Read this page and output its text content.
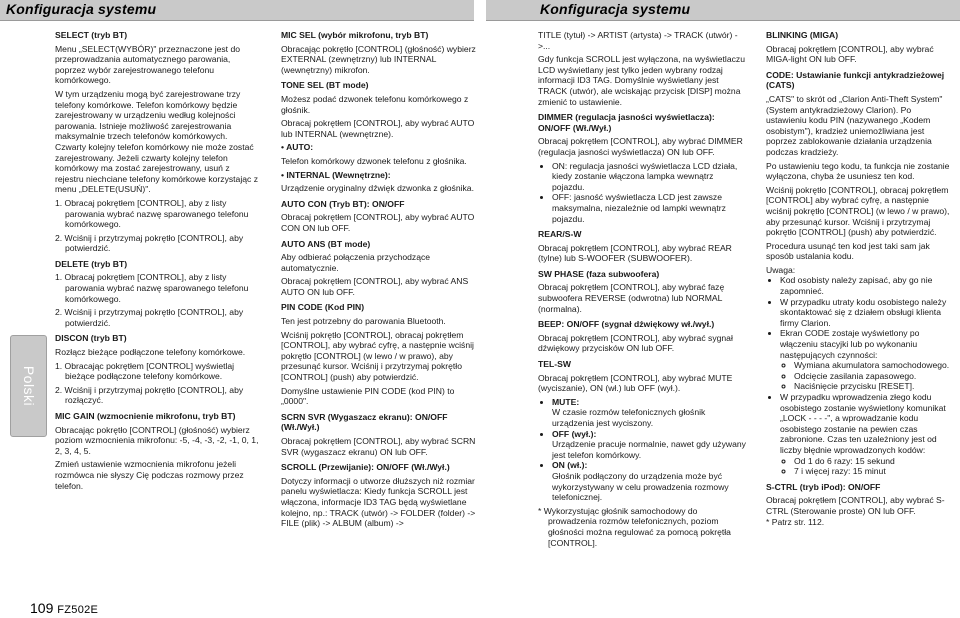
Konfiguracja systemu	Konfiguracja systemu
Polski
109 FZ502E

SELECT (tryb BT)

Menu „SELECT(WYBÓR)" przeznaczone jest do przeprowadzania automatycznego parowania, poprzez wybór zarejestrowanego telefonu komórkowego.

W tym urządzeniu mogą być zarejestrowane trzy telefony komórkowe. Telefon komórkowy będzie zarejestrowany w urządzeniu według kolejności parowania. Istnieje możliwość zarejestrowania maksymalnie trzech telefonów komórkowych. Czwarty kolejny telefon komórkowy nie może zostać zarejestrowany. Jeżeli czwarty kolejny telefon komórkowy ma zostać zarejestrowany, usuń z rejestru niechciane telefony komórkowe korzystając z menu „DELETE(USUŃ)".

1. Obracaj pokrętłem [CONTROL], aby z listy parowania wybrać nazwę sparowanego telefonu komórkowego.

2. Wciśnij i przytrzymaj pokrętło [CONTROL], aby potwierdzić.

DELETE (tryb BT)

1. Obracaj pokrętłem [CONTROL], aby z listy parowania wybrać nazwę sparowanego telefonu komórkowego.

2. Wciśnij i przytrzymaj pokrętło [CONTROL], aby potwierdzić.

DISCON (tryb BT)

Rozłącz bieżące podłączone telefony komórkowe.

1. Obracając pokrętłem [CONTROL] wyświetlaj bieżące podłączone telefony komórkowe.

2. Wciśnij i przytrzymaj pokrętło [CONTROL], aby rozłączyć.

MIC GAIN (wzmocnienie mikrofonu, tryb BT)

Obracając pokrętło [CONTROL] (głośność) wybierz poziom wzmocnienia mikrofonu: -5, -4, -3, -2, -1, 0, 1, 2, 3, 4, 5.

Zmień ustawienie wzmocnienia mikrofonu jeżeli rozmówca nie słyszy Cię podczas rozmowy przez telefon.

MIC SEL (wybór mikrofonu, tryb BT)

Obracając pokrętło [CONTROL] (głośność) wybierz EXTERNAL (zewnętrzny) lub INTERNAL (wewnętrzny) mikrofon.

TONE SEL (BT mode)

Możesz podać dzwonek telefonu komórkowego z głośnik.

Obracaj pokrętłem [CONTROL], aby wybrać AUTO lub INTERNAL (wewnętrzne).

• AUTO:

Telefon komórkowy dzwonek telefonu z głośnika.

• INTERNAL (Wewnętrzne):

Urządzenie oryginalny dźwięk dzwonka z głośnika.

AUTO CON (Tryb BT): ON/OFF

Obracaj pokrętłem [CONTROL], aby wybrać AUTO CON ON lub OFF.

AUTO ANS (BT mode)

Aby odbierać połączenia przychodzące automatycznie.

Obracaj pokrętłem [CONTROL], aby wybrać ANS AUTO ON lub OFF.

PIN CODE (Kod PIN)

Ten jest potrzebny do parowania Bluetooth.

Wciśnij pokrętło [CONTROL], obracaj pokrętłem [CONTROL], aby wybrać cyfrę, a następnie wciśnij pokrętło [CONTROL] (w lewo / w prawo), aby przesunąć kursor. Wciśnij i przytrzymaj pokrętło [CONTROL] (push) aby potwierdzić.

Domyślne ustawienie PIN CODE (kod PIN) to „0000".

SCRN SVR (Wygaszacz ekranu): ON/OFF (Wł./Wył.)

Obracaj pokrętłem [CONTROL], aby wybrać SCRN SVR (wygaszacz ekranu) ON lub OFF.

SCROLL (Przewijanie): ON/OFF (Wł./Wył.)

Dotyczy informacji o utworze dłuższych niż rozmiar panelu wyświetlacza: Kiedy funkcja SCROLL jest włączona, informacje ID3 TAG będą wyświetlane kolejno, np.: TRACK (utwór) -> FOLDER (folder) -> FILE (plik) -> ALBUM (album) ->

TITLE (tytuł) -> ARTIST (artysta) -> TRACK (utwór) ->...

Gdy funkcja SCROLL jest wyłączona, na wyświetlaczu LCD wyświetlany jest tylko jeden wybrany rodzaj informacji ID3 TAG. Domyślnie wyświetlany jest TRACK (utwór), ale wciskając przycisk [DISP] można zmienić to ustawienie.

DIMMER (regulacja jasności wyświetlacza): ON/OFF (Wł./Wył.)

Obracaj pokrętłem [CONTROL], aby wybrać DIMMER (regulacja jasności wyświetlacza) ON lub OFF.

• ON: regulacja jasności wyświetlacza LCD działa, kiedy zostanie włączona lampka wewnątrz pojazdu.
• OFF: jasność wyświetlacza LCD jest zawsze maksymalna, niezależnie od lampki wewnątrz pojazdu.

REAR/S-W

Obracaj pokrętłem [CONTROL], aby wybrać REAR (tylne) lub S-WOOFER (SUBWOOFER).

SW PHASE (faza subwoofera)

Obracaj pokrętłem [CONTROL], aby wybrać fazę subwoofera REVERSE (odwrotna) lub NORMAL (normalna).

BEEP: ON/OFF (sygnał dźwiękowy wł./wył.)

Obracaj pokrętłem [CONTROL], aby wybrać sygnał dźwiękowy przycisków ON lub OFF.

TEL-SW

Obracaj pokrętłem [CONTROL], aby wybrać MUTE (wyciszanie), ON (wł.) lub OFF (wył.).

• MUTE:
W czasie rozmów telefonicznych głośnik urządzenia jest wyciszony.
• OFF (wył.):
Urządzenie pracuje normalnie, nawet gdy używany jest telefon komórkowy.
• ON (wł.):
Głośnik podłączony do urządzenia może być wykorzystywany w celu prowadzenia rozmowy telefonicznej.

* Wykorzystując głośnik samochodowy do prowadzenia rozmów telefonicznych, poziom głośności można regulować za pomocą pokrętła [CONTROL].

BLINKING (MIGA)

Obracaj pokrętłem [CONTROL], aby wybrać MIGA-light ON lub OFF.

CODE: Ustawianie funkcji antykradzieżowej (CATS)

„CATS" to skrót od „Clarion Anti-Theft System" (System antykradzieżowy Clarion). Po ustawieniu kodu PIN (nazywanego „Kodem osobistym"), kradzież uniemożliwiana jest poprzez zablokowanie działania urządzenia podczas kradzieży.

Po ustawieniu tego kodu, ta funkcja nie zostanie wyłączona, chyba że usuniesz ten kod.

Wciśnij pokrętło [CONTROL], obracaj pokrętłem [CONTROL] aby wybrać cyfrę, a następnie wciśnij pokrętło [CONTROL] (w lewo / w prawo), aby przesunąć kursor. Wciśnij i przytrzymaj pokrętło [CONTROL] (push) aby potwierdzić.

Procedura usunąć ten kod jest taki sam jak sposób ustalania kodu.

Uwaga:

• Kod osobisty należy zapisać, aby go nie zapomnieć.
• W przypadku utraty kodu osobistego należy skontaktować się z działem obsługi klienta firmy Clarion.
• Ekran CODE zostaje wyświetlony po włączeniu stacyjki lub po wykonaniu następujących czynności:
◦ Wymiana akumulatora samochodowego.
◦ Odcięcie zasilania zapasowego.
◦ Naciśnięcie przycisku [RESET].
• W przypadku wprowadzenia złego kodu osobistego zostanie wyświetlony komunikat „LOCK - - - -", a wprowadzanie kodu osobistego zostanie na pewien czas zabronione. Czas ten uzależniony jest od liczby błędnie wprowadzonych kodów:
◦ Od 1 do 6 razy: 15 sekund
◦ 7 i więcej razy: 15 minut

S-CTRL (tryb iPod): ON/OFF

Obracaj pokrętłem [CONTROL], aby wybrać S-CTRL (Sterowanie proste) ON lub OFF.

* Patrz str. 112.
